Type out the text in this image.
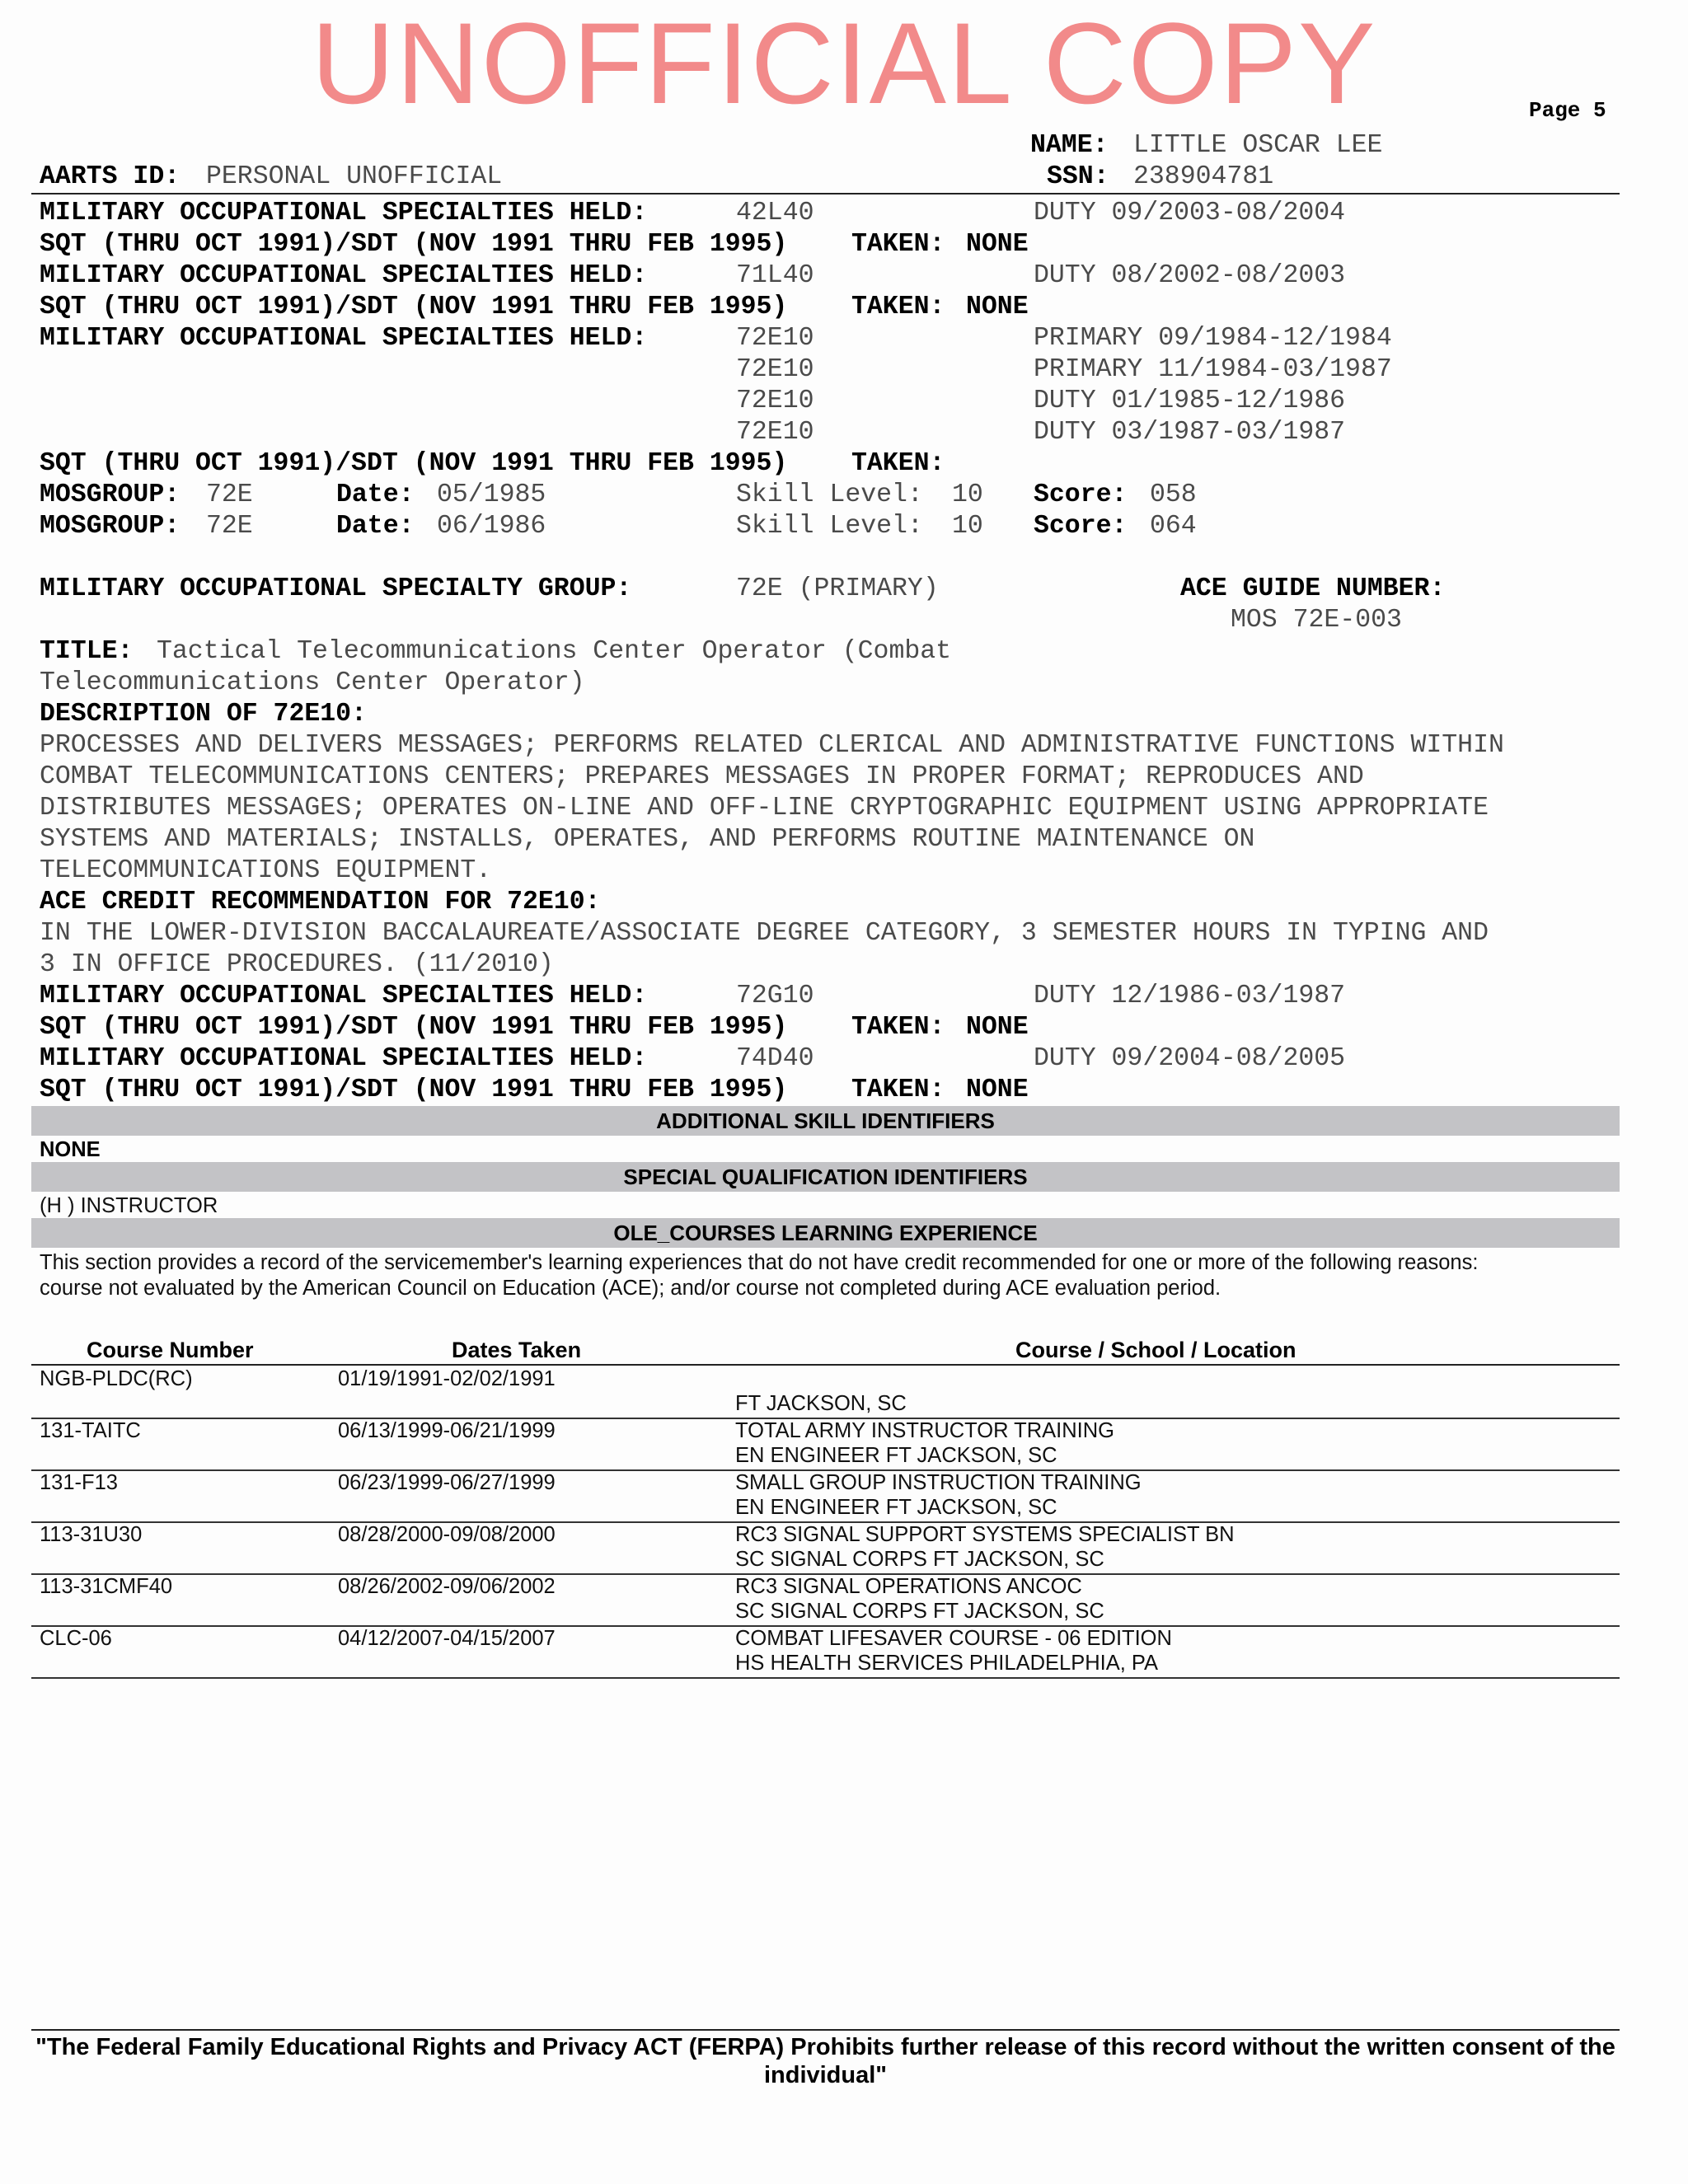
UNOFFICIAL COPY	Page 5
NAME: LITTLE OSCAR LEE
AARTS ID: PERSONAL UNOFFICIAL	SSN: 238904781
MILITARY OCCUPATIONAL SPECIALTIES HELD:	42L40	DUTY 09/2003-08/2004
SQT (THRU OCT 1991)/SDT (NOV 1991 THRU FEB 1995) TAKEN: NONE
MILITARY OCCUPATIONAL SPECIALTIES HELD:	71L40	DUTY 08/2002-08/2003
SQT (THRU OCT 1991)/SDT (NOV 1991 THRU FEB 1995) TAKEN: NONE
MILITARY OCCUPATIONAL SPECIALTIES HELD:	72E10	PRIMARY 09/1984-12/1984
72E10	PRIMARY 11/1984-03/1987
72E10	DUTY 01/1985-12/1986
72E10	DUTY 03/1987-03/1987
SQT (THRU OCT 1991)/SDT (NOV 1991 THRU FEB 1995) TAKEN:
MOSGROUP: 72E	Date: 05/1985	Skill Level: 10 Score: 058
MOSGROUP: 72E	Date: 06/1986	Skill Level: 10 Score: 064
MILITARY OCCUPATIONAL SPECIALTY GROUP:	72E (PRIMARY)	ACE GUIDE NUMBER:
MOS 72E-003
TITLE: Tactical Telecommunications Center Operator (Combat
Telecommunications Center Operator)
DESCRIPTION OF 72E10:
PROCESSES AND DELIVERS MESSAGES; PERFORMS RELATED CLERICAL AND ADMINISTRATIVE FUNCTIONS WITHIN
COMBAT TELECOMMUNICATIONS CENTERS; PREPARES MESSAGES IN PROPER FORMAT; REPRODUCES AND
DISTRIBUTES MESSAGES; OPERATES ON-LINE AND OFF-LINE CRYPTOGRAPHIC EQUIPMENT USING APPROPRIATE
SYSTEMS AND MATERIALS; INSTALLS, OPERATES, AND PERFORMS ROUTINE MAINTENANCE ON
TELECOMMUNICATIONS EQUIPMENT.
ACE CREDIT RECOMMENDATION FOR 72E10:
IN THE LOWER-DIVISION BACCALAUREATE/ASSOCIATE DEGREE CATEGORY, 3 SEMESTER HOURS IN TYPING AND
3 IN OFFICE PROCEDURES. (11/2010)
MILITARY OCCUPATIONAL SPECIALTIES HELD:	72G10	DUTY 12/1986-03/1987
SQT (THRU OCT 1991)/SDT (NOV 1991 THRU FEB 1995) TAKEN: NONE
MILITARY OCCUPATIONAL SPECIALTIES HELD:	74D40	DUTY 09/2004-08/2005
SQT (THRU OCT 1991)/SDT (NOV 1991 THRU FEB 1995) TAKEN: NONE
ADDITIONAL SKILL IDENTIFIERS
NONE
SPECIAL QUALIFICATION IDENTIFIERS
(H ) INSTRUCTOR
OLE_COURSES LEARNING EXPERIENCE
This section provides a record of the servicemember's learning experiences that do not have credit recommended for one or more of the following reasons:
course not evaluated by the American Council on Education (ACE); and/or course not completed during ACE evaluation period.
Course Number	Dates Taken	Course / School / Location
NGB-PLDC(RC)	01/19/1991-02/02/1991
FT JACKSON, SC
131-TAITC	06/13/1999-06/21/1999	TOTAL ARMY INSTRUCTOR TRAINING
EN ENGINEER FT JACKSON, SC
131-F13	06/23/1999-06/27/1999	SMALL GROUP INSTRUCTION TRAINING
EN ENGINEER FT JACKSON, SC
113-31U30	08/28/2000-09/08/2000	RC3 SIGNAL SUPPORT SYSTEMS SPECIALIST BN
SC SIGNAL CORPS FT JACKSON, SC
113-31CMF40	08/26/2002-09/06/2002	RC3 SIGNAL OPERATIONS ANCOC
SC SIGNAL CORPS FT JACKSON, SC
CLC-06	04/12/2007-04/15/2007	COMBAT LIFESAVER COURSE - 06 EDITION
HS HEALTH SERVICES PHILADELPHIA, PA
"The Federal Family Educational Rights and Privacy ACT (FERPA) Prohibits further release of this record without the written consent of the individual"
